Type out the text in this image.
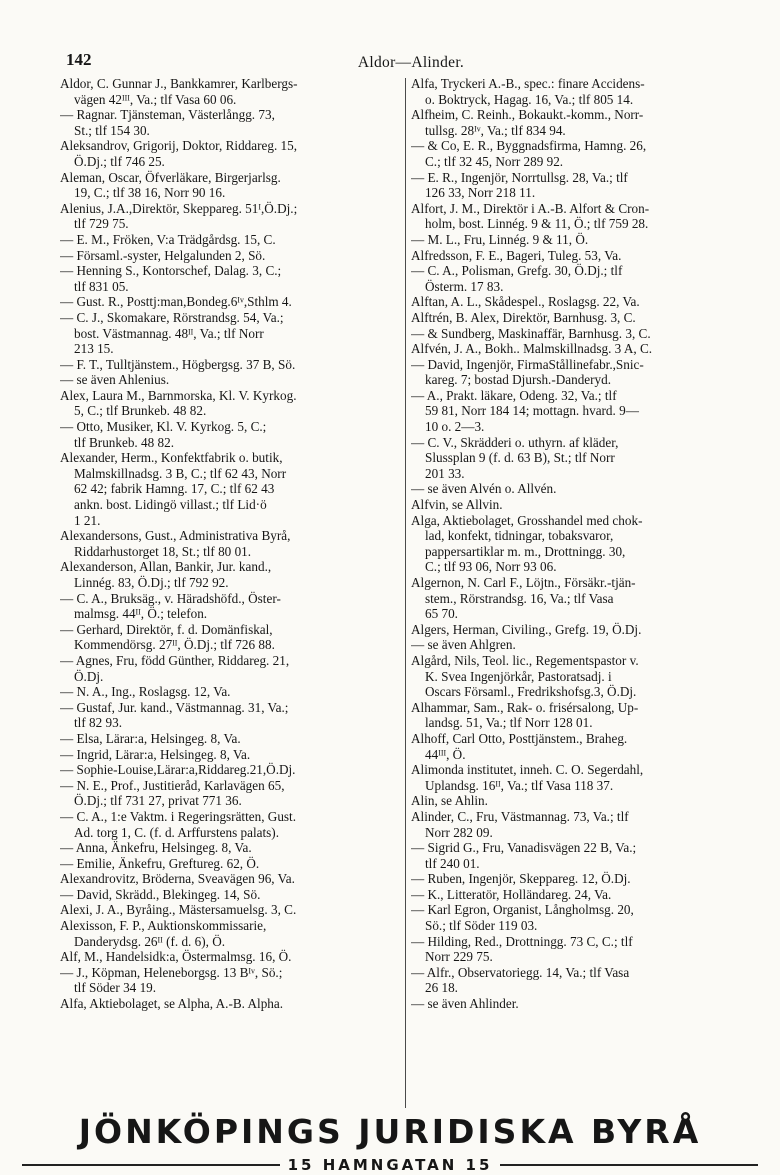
142	Aldor—Alinder.
Aldor, C. Gunnar J., Bankkamrer, Karlbergs-
vägen 42ᴵᴵᴵ, Va.; tlf Vasa 60 06.
— Ragnar. Tjänsteman, Västerlångg. 73,
St.; tlf 154 30.
Aleksandrov, Grigorij, Doktor, Riddareg. 15,
Ö.Dj.; tlf 746 25.
Aleman, Oscar, Öfverläkare, Birgerjarlsg.
19, C.; tlf 38 16, Norr 90 16.
Alenius, J.A.,Direktör, Skeppareg. 51ᴵ,Ö.Dj.;
tlf 729 75.
— E. M., Fröken, V:a Trädgårdsg. 15, C.
— Församl.-syster, Helgalunden 2, Sö.
— Henning S., Kontorschef, Dalag. 3, C.;
tlf 831 05.
— Gust. R., Posttj:man,Bondeg.6ᴵᵛ,Sthlm 4.
— C. J., Skomakare, Rörstrandsg. 54, Va.;
bost. Västmannag. 48ᴵᴵ, Va.; tlf Norr
213 15.
— F. T., Tulltjänstem., Högbergsg. 37 B, Sö.
— se även Ahlenius.
Alex, Laura M., Barnmorska, Kl. V. Kyrkog.
5, C.; tlf Brunkeb. 48 82.
— Otto, Musiker, Kl. V. Kyrkog. 5, C.;
tlf Brunkeb. 48 82.
Alexander, Herm., Konfektfabrik o. butik,
Malmskillnadsg. 3 B, C.; tlf 62 43, Norr
62 42; fabrik Hamng. 17, C.; tlf 62 43
ankn. bost. Lidingö villast.; tlf Lid·ö
1 21.
Alexandersons, Gust., Administrativa Byrå,
Riddarhustorget 18, St.; tlf 80 01.
Alexanderson, Allan, Bankir, Jur. kand.,
Linnég. 83, Ö.Dj.; tlf 792 92.
— C. A., Bruksäg., v. Häradshöfd., Öster-
malmsg. 44ᴵᴵ, Ö.; telefon.
— Gerhard, Direktör, f. d. Domänfiskal,
Kommendörsg. 27ᴵᴵ, Ö.Dj.; tlf 726 88.
— Agnes, Fru, född Günther, Riddareg. 21,
Ö.Dj.
— N. A., Ing., Roslagsg. 12, Va.
— Gustaf, Jur. kand., Västmannag. 31, Va.;
tlf 82 93.
— Elsa, Lärar:a, Helsingeg. 8, Va.
— Ingrid, Lärar:a, Helsingeg. 8, Va.
— Sophie-Louise,Lärar:a,Riddareg.21,Ö.Dj.
— N. E., Prof., Justitieråd, Karlavägen 65,
Ö.Dj.; tlf 731 27, privat 771 36.
— C. A., 1:e Vaktm. i Regeringsrätten, Gust.
Ad. torg 1, C. (f. d. Arffurstens palats).
— Anna, Änkefru, Helsingeg. 8, Va.
— Emilie, Änkefru, Greftureg. 62, Ö.
Alexandrovitz, Bröderna, Sveavägen 96, Va.
— David, Skrädd., Blekingeg. 14, Sö.
Alexi, J. A., Byråing., Mästersamuelsg. 3, C.
Alexisson, F. P., Auktionskommissarie,
Danderydsg. 26ᴵᴵ (f. d. 6), Ö.
Alf, M., Handelsidk:a, Östermalmsg. 16, Ö.
— J., Köpman, Heleneborgsg. 13 Bᴵᵛ, Sö.;
tlf Söder 34 19.
Alfa, Aktiebolaget, se Alpha, A.-B. Alpha.
Alfa, Tryckeri A.-B., spec.: finare Accidens-
o. Boktryck, Hagag. 16, Va.; tlf 805 14.
Alfheim, C. Reinh., Bokaukt.-komm., Norr-
tullsg. 28ᴵᵛ, Va.; tlf 834 94.
— & Co, E. R., Byggnadsfirma, Hamng. 26,
C.; tlf 32 45, Norr 289 92.
— E. R., Ingenjör, Norrtullsg. 28, Va.; tlf
126 33, Norr 218 11.
Alfort, J. M., Direktör i A.-B. Alfort & Cron-
holm, bost. Linnég. 9 & 11, Ö.; tlf 759 28.
— M. L., Fru, Linnég. 9 & 11, Ö.
Alfredsson, F. E., Bageri, Tuleg. 53, Va.
— C. A., Polisman, Grefg. 30, Ö.Dj.; tlf
Österm. 17 83.
Alftan, A. L., Skådespel., Roslagsg. 22, Va.
Alftrén, B. Alex, Direktör, Barnhusg. 3, C.
— & Sundberg, Maskinaffär, Barnhusg. 3, C.
Alfvén, J. A., Bokh.. Malmskillnadsg. 3 A, C.
— David, Ingenjör, FirmaStållinefabr.,Snic-
kareg. 7; bostad Djursh.-Danderyd.
— A., Prakt. läkare, Odeng. 32, Va.; tlf
59 81, Norr 184 14; mottagn. hvard. 9—
10 o. 2—3.
— C. V., Skrädderi o. uthyrn. af kläder,
Slussplan 9 (f. d. 63 B), St.; tlf Norr
201 33.
— se även Alvén o. Allvén.
Alfvin, se Allvin.
Alga, Aktiebolaget, Grosshandel med chok-
lad, konfekt, tidningar, tobaksvaror,
pappersartiklar m. m., Drottningg. 30,
C.; tlf 93 06, Norr 93 06.
Algernon, N. Carl F., Löjtn., Försäkr.-tjän-
stem., Rörstrandsg. 16, Va.; tlf Vasa
65 70.
Algers, Herman, Civiling., Grefg. 19, Ö.Dj.
— se även Ahlgren.
Algård, Nils, Teol. lic., Regementspastor v.
K. Svea Ingenjörkår, Pastoratsadj. i
Oscars Församl., Fredrikshofsg.3, Ö.Dj.
Alhammar, Sam., Rak- o. frisérsalong, Up-
landsg. 51, Va.; tlf Norr 128 01.
Alhoff, Carl Otto, Posttjänstem., Braheg.
44ᴵᴵᴵ, Ö.
Alimonda institutet, inneh. C. O. Segerdahl,
Uplandsg. 16ᴵᴵ, Va.; tlf Vasa 118 37.
Alin, se Ahlin.
Alinder, C., Fru, Västmannag. 73, Va.; tlf
Norr 282 09.
— Sigrid G., Fru, Vanadisvägen 22 B, Va.;
tlf 240 01.
— Ruben, Ingenjör, Skeppareg. 12, Ö.Dj.
— K., Litteratör, Holländareg. 24, Va.
— Karl Egron, Organist, Långholmsg. 20,
Sö.; tlf Söder 119 03.
— Hilding, Red., Drottningg. 73 C, C.; tlf
Norr 229 75.
— Alfr., Observatoriegg. 14, Va.; tlf Vasa
26 18.
— se även Ahlinder.
JÖNKÖPINGS JURIDISKA BYRÅ
15 HAMNGATAN 15
